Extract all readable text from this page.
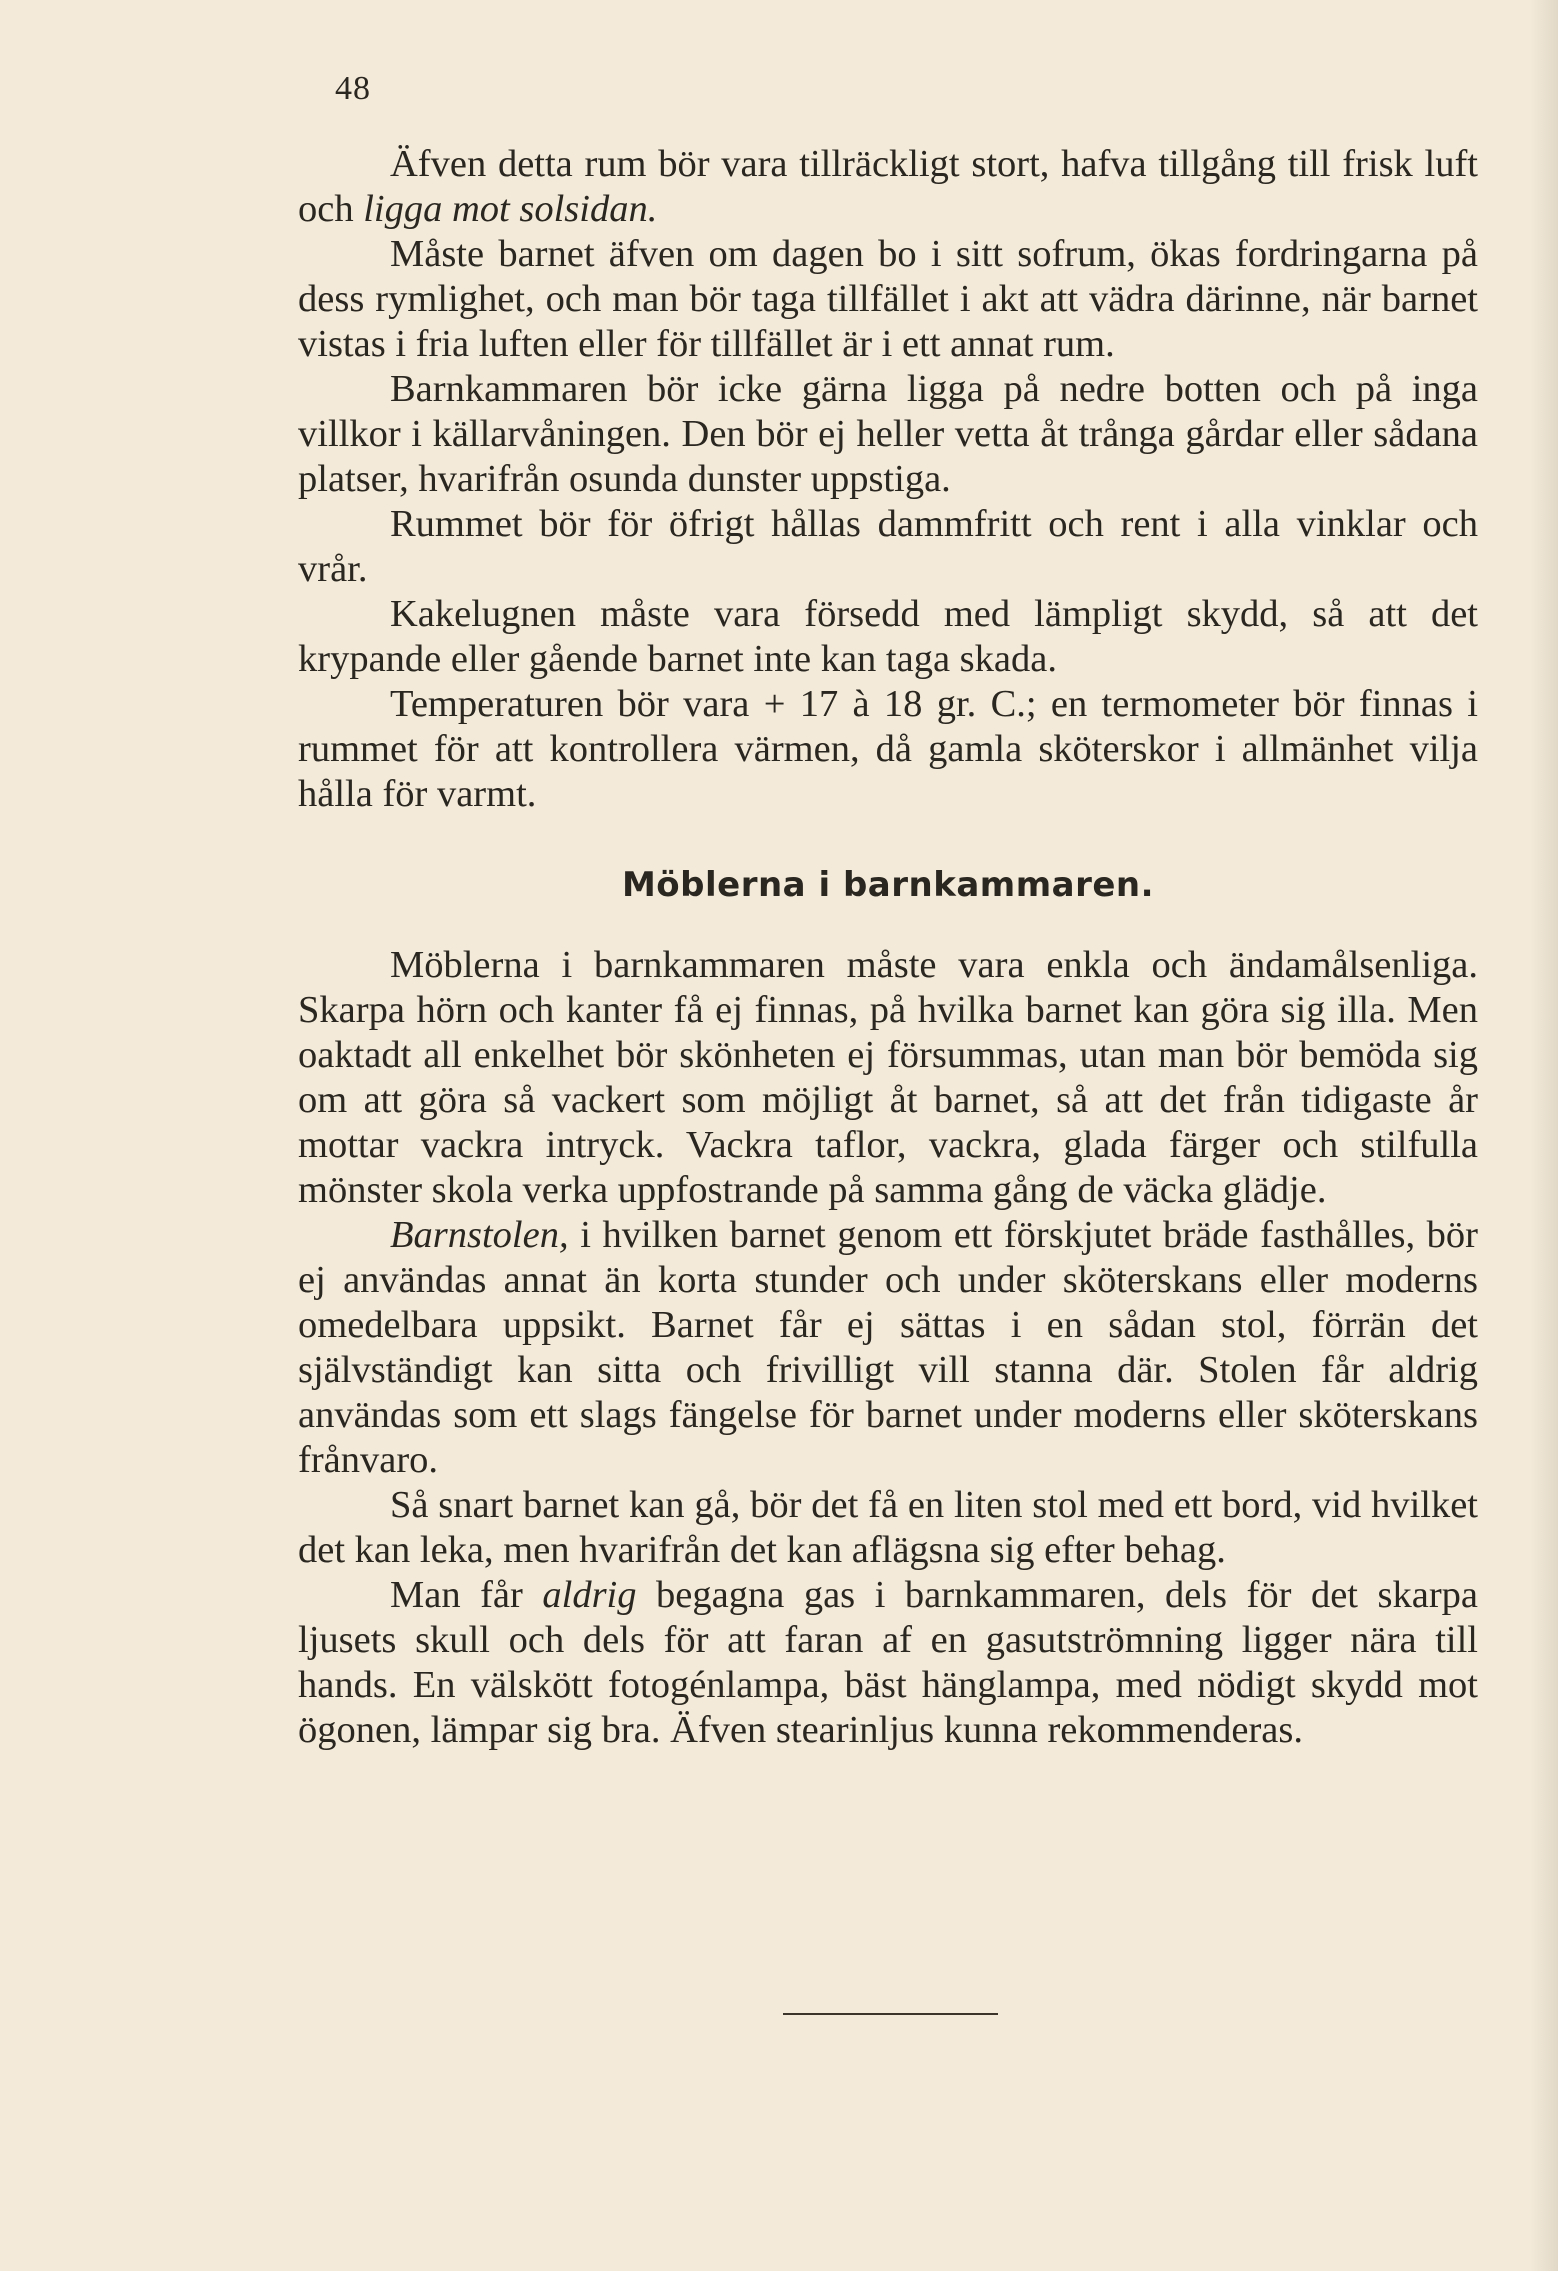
48

Äfven detta rum bör vara tillräckligt stort, hafva tillgång till frisk luft och ligga mot solsidan.

Måste barnet äfven om dagen bo i sitt sofrum, ökas fordringarna på dess rymlighet, och man bör taga tillfället i akt att vädra därinne, när barnet vistas i fria luften eller för tillfället är i ett annat rum.

Barnkammaren bör icke gärna ligga på nedre botten och på inga villkor i källarvåningen. Den bör ej heller vetta åt trånga gårdar eller sådana platser, hvarifrån osunda dunster uppstiga.

Rummet bör för öfrigt hållas dammfritt och rent i alla vinklar och vrår.

Kakelugnen måste vara försedd med lämpligt skydd, så att det krypande eller gående barnet inte kan taga skada.

Temperaturen bör vara + 17 à 18 gr. C.; en termometer bör finnas i rummet för att kontrollera värmen, då gamla sköterskor i allmänhet vilja hålla för varmt.

Möblerna i barnkammaren.

Möblerna i barnkammaren måste vara enkla och ändamålsenliga. Skarpa hörn och kanter få ej finnas, på hvilka barnet kan göra sig illa. Men oaktadt all enkelhet bör skönheten ej försummas, utan man bör bemöda sig om att göra så vackert som möjligt åt barnet, så att det från tidigaste år mottar vackra intryck. Vackra taflor, vackra, glada färger och stilfulla mönster skola verka uppfostrande på samma gång de väcka glädje.

Barnstolen, i hvilken barnet genom ett förskjutet bräde fasthålles, bör ej användas annat än korta stunder och under sköterskans eller moderns omedelbara uppsikt. Barnet får ej sättas i en sådan stol, förrän det självständigt kan sitta och frivilligt vill stanna där. Stolen får aldrig användas som ett slags fängelse för barnet under moderns eller sköterskans frånvaro.

Så snart barnet kan gå, bör det få en liten stol med ett bord, vid hvilket det kan leka, men hvarifrån det kan aflägsna sig efter behag.

Man får aldrig begagna gas i barnkammaren, dels för det skarpa ljusets skull och dels för att faran af en gasutströmning ligger nära till hands. En välskött fotogénlampa, bäst hänglampa, med nödigt skydd mot ögonen, lämpar sig bra. Äfven stearinljus kunna rekommenderas.
